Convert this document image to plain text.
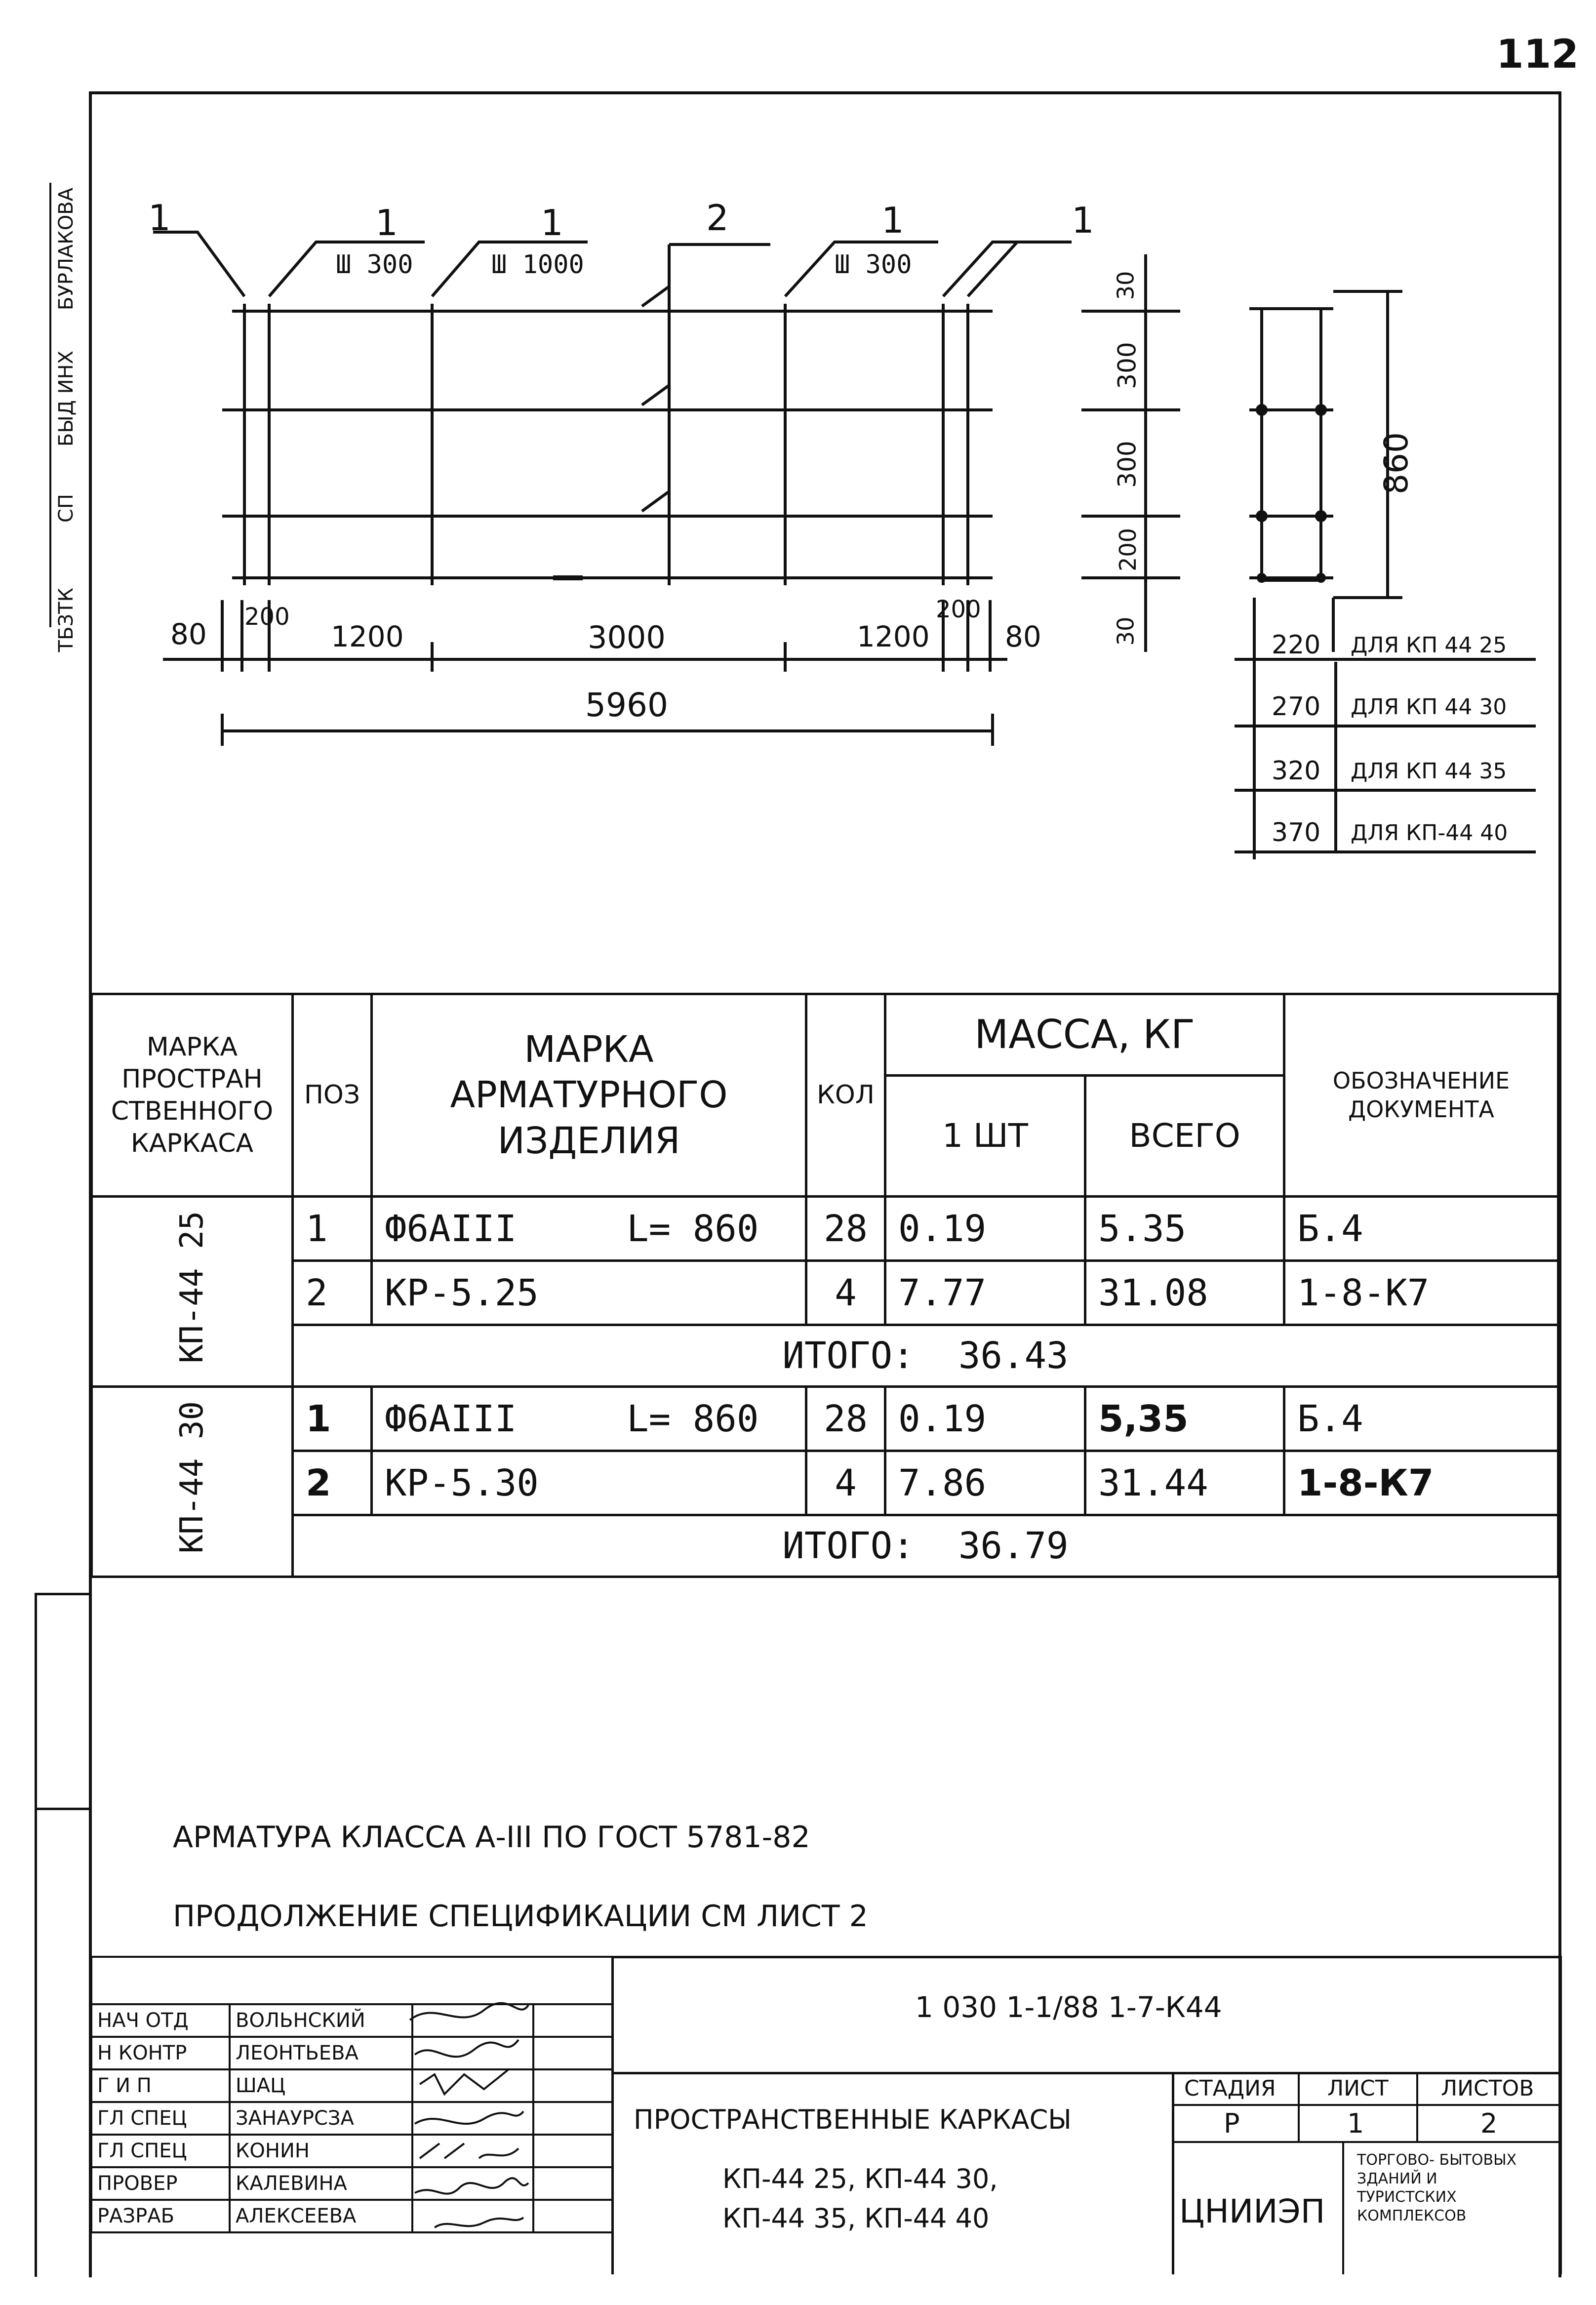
112
БУРЛАКОВА
БЫД ИНХ
СП
ТБЗТК
1	1	1	2	1	1
Ш 300	Ш 1000	Ш 300
80
200
1200	3000	1200
200
80
5960
30
300
300
200
30
860
220 ДЛЯ КП 44 25
270 ДЛЯ КП 44 30
320 ДЛЯ КП 44 35
370 ДЛЯ КП-44 40
МАРКА ПРОСТРАН СТВЕННОГО КАРКАСА	ПОЗ	МАРКА АРМАТУРНОГО ИЗДЕЛИЯ	КОЛ	МАССА, КГ		ОБОЗНАЧЕНИЕ ДОКУМЕНТА
				1 ШТ	ВСЕГО	
КП-44 25	1	Ф6АIII     L= 860	28	0.19	5.35	Б.4
	2	КР-5.25	4	7.77	31.08	1-8-К7
	ИТОГО:  36.43					
КП-44 30	1	Ф6АIII     L= 860	28	0.19	5,35	Б.4
	2	КР-5.30	4	7.86	31.44	1-8-К7
	ИТОГО:  36.79					
АРМАТУРА КЛАССА А-III ПО ГОСТ 5781-82
ПРОДОЛЖЕНИЕ СПЕЦИФИКАЦИИ СМ ЛИСТ 2

НАЧ ОТД	ВОЛЬНСКИЙ		
Н КОНТР	ЛЕОНТЬЕВА		
Г И П	ШАЦ		
ГЛ СПЕЦ	ЗАНАУРСЗА		
ГЛ СПЕЦ	КОНИН		
ПРОВЕР	КАЛЕВИНА		
РАЗРАБ	АЛЕКСЕЕВА		
1 030 1-1/88 1-7-К44
ПРОСТРАНСТВЕННЫЕ КАРКАСЫ
КП-44 25, КП-44 30,
КП-44 35, КП-44 40
СТАДИЯ ЛИСТ ЛИСТОВ
Р	1	2
ЦНИИЭП
ТОРГОВО- БЫТОВЫХ ЗДАНИЙ И ТУРИСТСКИХ КОМПЛЕКСОВ
